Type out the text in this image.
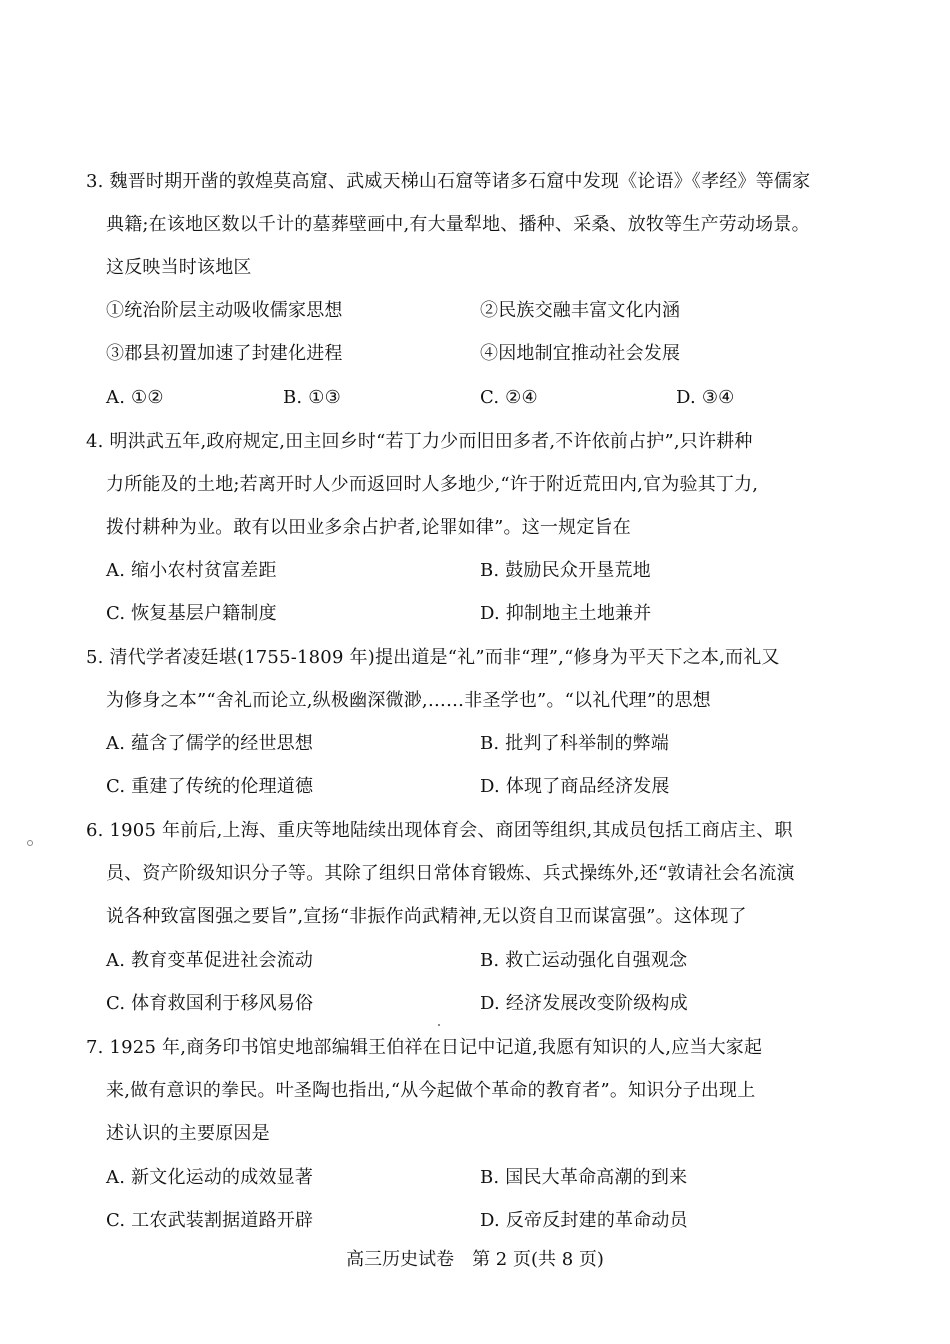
3. 魏晋时期开凿的敦煌莫高窟、武威天梯山石窟等诸多石窟中发现《论语》《孝经》等儒家
典籍;在该地区数以千计的墓葬壁画中,有大量犁地、播种、采桑、放牧等生产劳动场景。
这反映当时该地区
①统治阶层主动吸收儒家思想	②民族交融丰富文化内涵
③郡县初置加速了封建化进程	④因地制宜推动社会发展
A. ①②	B. ①③	C. ②④	D. ③④
4. 明洪武五年,政府规定,田主回乡时“若丁力少而旧田多者,不许依前占护”,只许耕种
力所能及的土地;若离开时人少而返回时人多地少,“许于附近荒田内,官为验其丁力,
拨付耕种为业。敢有以田业多余占护者,论罪如律”。这一规定旨在
A. 缩小农村贫富差距	B. 鼓励民众开垦荒地
C. 恢复基层户籍制度	D. 抑制地主土地兼并
5. 清代学者凌廷堪(1755-1809 年)提出道是“礼”而非“理”,“修身为平天下之本,而礼又
为修身之本”“舍礼而论立,纵极幽深微渺,……非圣学也”。“以礼代理”的思想
A. 蕴含了儒学的经世思想	B. 批判了科举制的弊端
C. 重建了传统的伦理道德	D. 体现了商品经济发展
6. 1905 年前后,上海、重庆等地陆续出现体育会、商团等组织,其成员包括工商店主、职
员、资产阶级知识分子等。其除了组织日常体育锻炼、兵式操练外,还“敦请社会名流演
说各种致富图强之要旨”,宣扬“非振作尚武精神,无以资自卫而谋富强”。这体现了
A. 教育变革促进社会流动	B. 救亡运动强化自强观念
C. 体育救国利于移风易俗	D. 经济发展改变阶级构成
7. 1925 年,商务印书馆史地部编辑王伯祥在日记中记道,我愿有知识的人,应当大家起
来,做有意识的拳民。叶圣陶也指出,“从今起做个革命的教育者”。知识分子出现上
述认识的主要原因是
A. 新文化运动的成效显著	B. 国民大革命高潮的到来
C. 工农武装割据道路开辟	D. 反帝反封建的革命动员
高三历史试卷　第 2 页(共 8 页)
